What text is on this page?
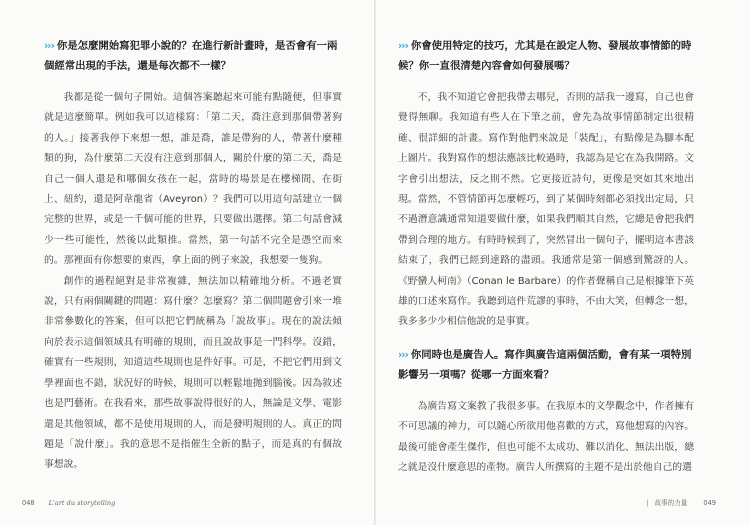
››› 你是怎麼開始寫犯罪小說的？在進行新計畫時，是否會有一兩個經常出現的手法，還是每次都不一樣？

我都是從一個句子開始。這個答案聽起來可能有點隨便，但事實就是這麼簡單。例如我可以這樣寫：「第二天，喬注意到那個帶著狗的人。」接著我停下來想一想，誰是喬，誰是帶狗的人，帶著什麼種類的狗，為什麼第二天沒有注意到那個人，關於什麼的第二天，喬是自己一個人還是和哪個女孩在一起，當時的場景是在樓梯間、在街上、紐約，還是阿韋龍省（Aveyron）？我們可以用這句話建立一個完整的世界，或是一千個可能的世界，只要做出選擇。第二句話會減少一些可能性，然後以此類推。當然，第一句話不完全是憑空而來的。那裡面有你想要的東西，拿上面的例子來說，我想要一隻狗。

創作的過程絕對是非常複雜，無法加以精確地分析。不過老實說，只有兩個關鍵的問題：寫什麼？怎麼寫？第二個問題會引來一堆非常參數化的答案，但可以把它們統稱為「說故事」。現在的說法傾向於表示這個領域具有明確的規則，而且說故事是一門科學。沒錯，確實有一些規則，知道這些規則也是件好事。可是，不把它們用到文學裡面也不錯，狀況好的時候，規則可以輕鬆地拋到腦後。因為敘述也是門藝術。在我看來，那些故事說得很好的人，無論是文學、電影還是其他領域，都不是使用規則的人，而是發明規則的人。真正的問題是「說什麼」。我的意思不是指催生全新的點子，而是真的有個故事想說。

048 L'art du storytelling
››› 你會使用特定的技巧，尤其是在設定人物、發展故事情節的時候？你一直很清楚內容會如何發展嗎？

不，我不知道它會把我帶去哪兒，否則的話我一邊寫，自己也會覺得無聊。我知道有些人在下筆之前，會先為故事情節制定出很精確、很詳細的計畫。寫作對他們來說是「裝配」，有點像是為腳本配上圖片。我對寫作的想法應該比較過時，我認為是它在為我開路。文字會引出想法，反之則不然。它更接近詩句，更像是突如其來地出現。當然，不管情節再怎麼輕巧，到了某個時刻都必須找出定局，只不過潛意識通常知道要做什麼，如果我們順其自然，它總是會把我們帶到合理的地方。有時時候到了，突然冒出一個句子，擺明這本書該結束了，我們已經到達路的盡頭。我通常是第一個感到驚訝的人。《野蠻人柯南》（Conan le Barbare）的作者聲稱自己是根據筆下英雄的口述來寫作。我聽到這件荒謬的事時，不由大笑，但轉念一想，我多多少少相信他說的是事實。

››› 你同時也是廣告人。寫作與廣告這兩個活動，會有某一項特別影響另一項嗎？從哪一方面來看？

為廣告寫文案教了我很多事。在我原本的文學觀念中，作者擁有不可思議的神力，可以隨心所欲用他喜歡的方式，寫他想寫的內容。最後可能會產生傑作，但也可能不太成功、難以消化、無法出版，總之就是沒什麼意思的產物。廣告人所撰寫的主題不是出於他自己的選

| 故事的力量 049
